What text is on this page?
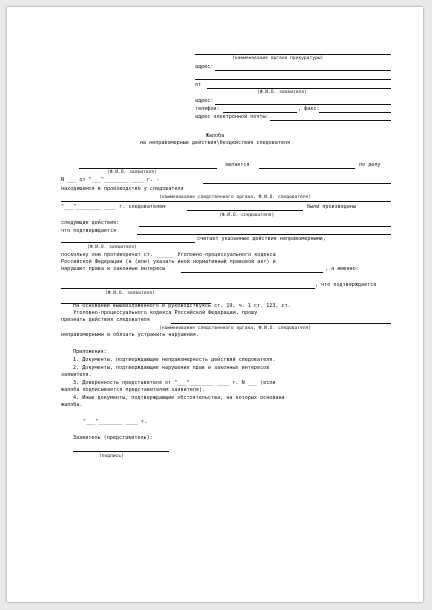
(наименование органа прокуратуры)
адрес:
от
(Ф.И.О. заявителя)
адрес:
телефон:	, факс:
адрес электронной почты:
Жалоба
на неправомерные действия\бездействия следователя
является	по делу
(Ф.И.О. заявителя)
N ___ от "___"________ ____ г. -
находящемся в производстве у следователя
(наименование следственного органа, Ф.И.О. следователя)
"___"________ ____ г. следователем	были произведены
(Ф.И.О. следователя)
следующие действия:
что подтверждается
считает указанные действия неправомерными,
(Ф.И.О. заявителя)
поскольку они противоречат ст. ______ Уголовно-процессуального кодекса
Российской Федерации (и (или) указать иной нормативный правовой акт) и
нарушают права и законные интересы	, а именно:
, что подтверждается
(Ф.И.О. заявителя)
На основании вышеизложенного и руководствуясь ст. 19, ч. 1 ст. 123, ст.
Уголовно-процессуального кодекса Российской Федерации, прошу
признать действия следователя
(наименование следственного органа, Ф.И.О. следователя)
неправомерными и обязать устранить нарушения.
Приложения:
1. Документы, подтверждающие неправомерность действий следователя.
2. Документы, подтверждающие нарушение прав и законных интересов
заявителя.
3. Доверенность представителя от "___"________ ____ г. N ___ (если
жалоба подписывается представителем заявителя).
4. Иные документы, подтверждающие обстоятельства, на которых основана
жалоба.
"___"________ ____ г.
Заявитель (представитель):
(подпись)
